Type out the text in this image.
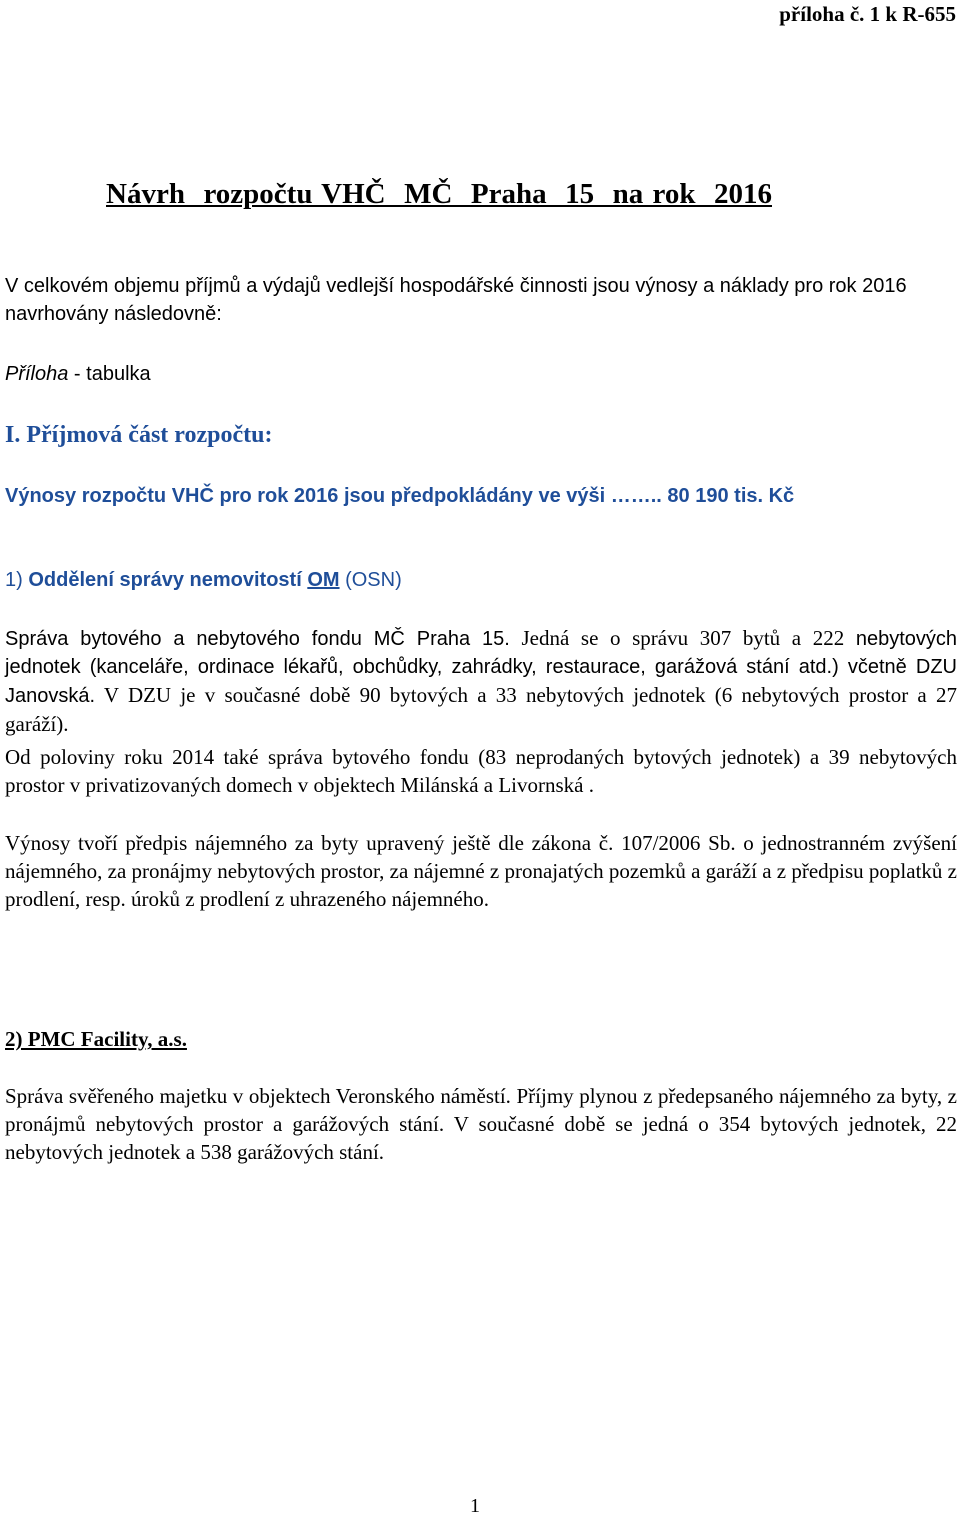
příloha č. 1 k R-655
Návrh  rozpočtu VHČ  MČ  Praha  15  na rok  2016
V celkovém objemu příjmů a výdajů vedlejší hospodářské činnosti jsou výnosy a náklady pro rok 2016 navrhovány následovně:
Příloha - tabulka
I. Příjmová část rozpočtu:
Výnosy rozpočtu VHČ pro rok 2016 jsou předpokládány ve výši …….. 80 190 tis. Kč
1) Oddělení správy nemovitostí OM (OSN)
Správa bytového a nebytového fondu MČ Praha 15. Jedná se o správu 307 bytů a 222 nebytových jednotek (kanceláře, ordinace lékařů, obchůdky, zahrádky, restaurace, garážová stání atd.) včetně DZU Janovská. V DZU je v současné době 90 bytových a 33 nebytových jednotek (6 nebytových prostor a 27 garáží).
Od poloviny roku 2014 také správa bytového fondu (83 neprodaných bytových jednotek) a 39 nebytových prostor v privatizovaných domech v objektech Milánská a Livornská .
Výnosy tvoří předpis nájemného za byty upravený ještě dle zákona č. 107/2006 Sb. o jednostranném zvýšení nájemného, za pronájmy nebytových prostor, za nájemné z pronajatých pozemků a garáží a z předpisu poplatků z prodlení, resp. úroků z prodlení z uhrazeného nájemného.
2) PMC Facility, a.s.
Správa svěřeného majetku v objektech Veronského náměstí. Příjmy plynou z předepsaného nájemného za byty, z pronájmů nebytových prostor a garážových stání. V současné době se jedná o 354 bytových jednotek, 22 nebytových jednotek a 538 garážových stání.
1
